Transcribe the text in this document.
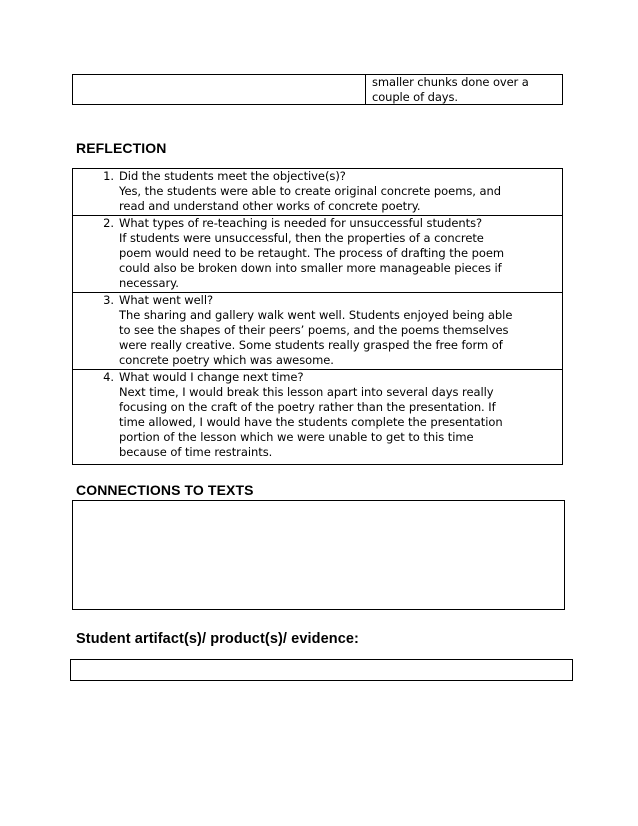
smaller chunks done over a
couple of days.
REFLECTION
1. Did the students meet the objective(s)?
Yes, the students were able to create original concrete poems, and
read and understand other works of concrete poetry.
2. What types of re-teaching is needed for unsuccessful students?
If students were unsuccessful, then the properties of a concrete
poem would need to be retaught. The process of drafting the poem
could also be broken down into smaller more manageable pieces if
necessary.
3. What went well?
The sharing and gallery walk went well. Students enjoyed being able
to see the shapes of their peers’ poems, and the poems themselves
were really creative. Some students really grasped the free form of
concrete poetry which was awesome.
4. What would I change next time?
Next time, I would break this lesson apart into several days really
focusing on the craft of the poetry rather than the presentation. If
time allowed, I would have the students complete the presentation
portion of the lesson which we were unable to get to this time
because of time restraints.
CONNECTIONS TO TEXTS
Student artifact(s)/ product(s)/ evidence:
